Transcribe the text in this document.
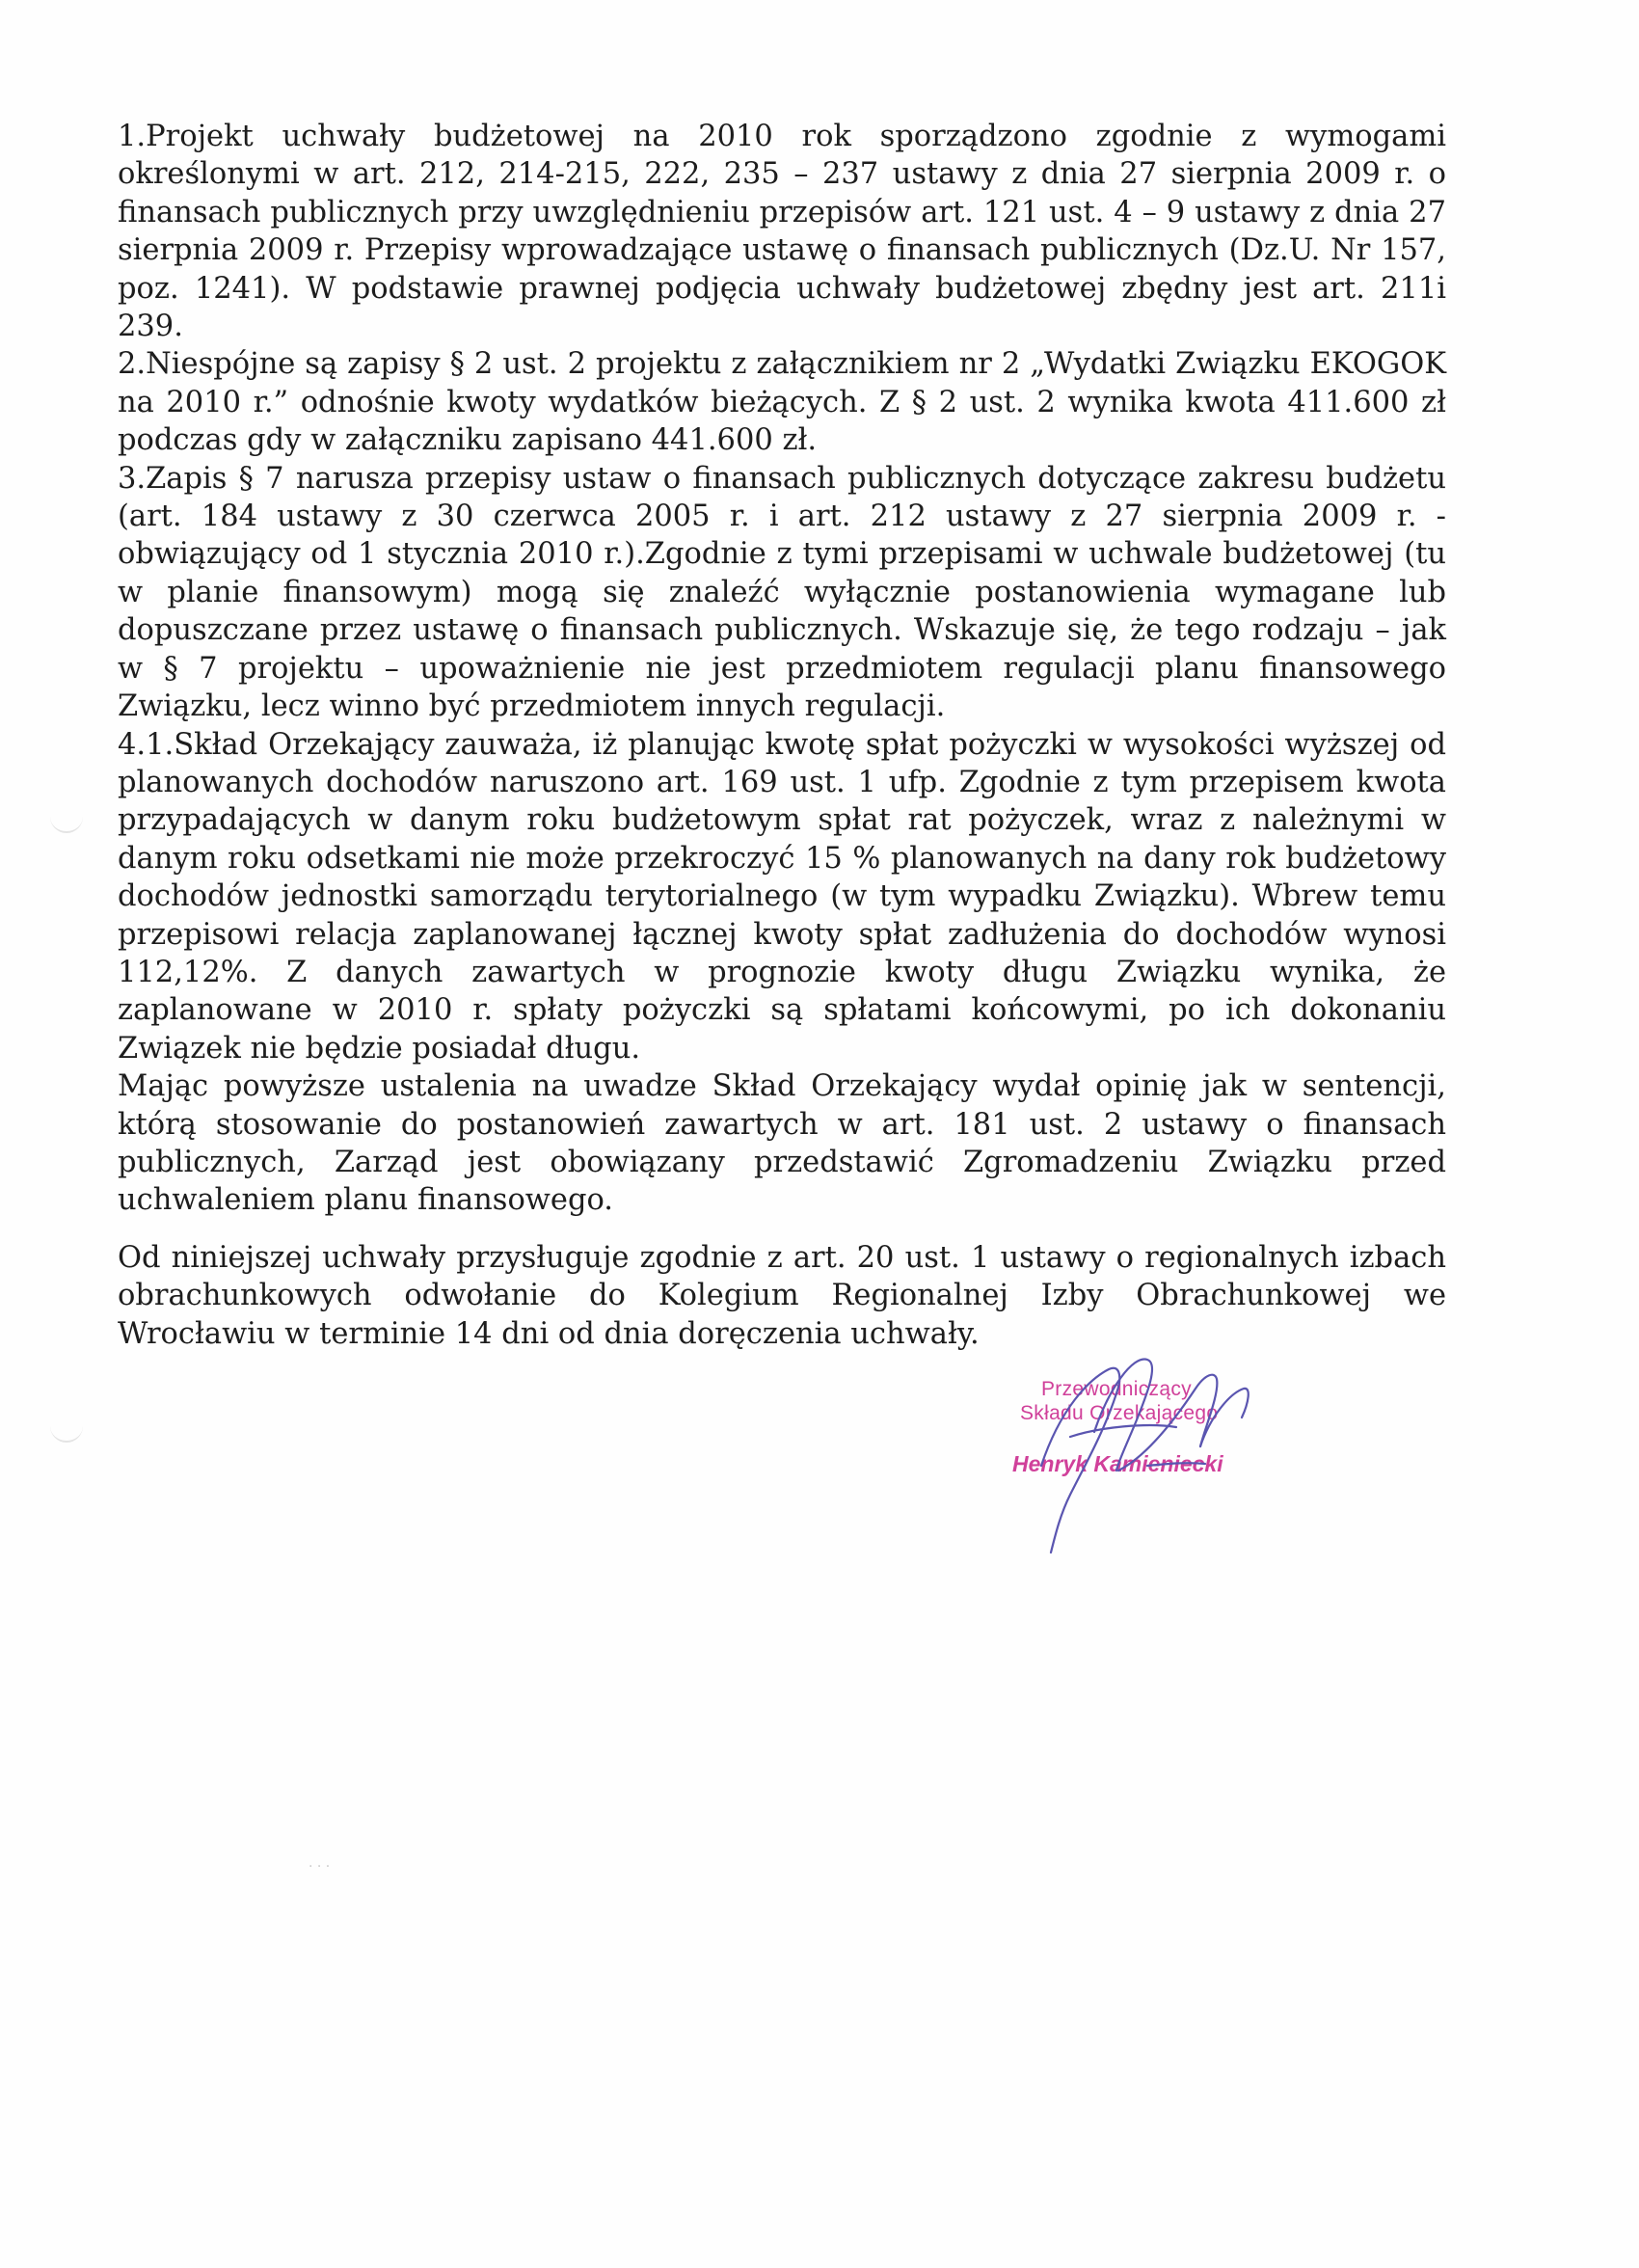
1.Projekt uchwały budżetowej na 2010 rok sporządzono zgodnie z wymogami określonymi w art. 212, 214-215, 222, 235 – 237 ustawy z dnia 27 sierpnia 2009 r. o finansach publicznych przy uwzględnieniu przepisów art. 121 ust. 4 – 9 ustawy z dnia 27 sierpnia 2009 r. Przepisy wprowadzające ustawę o finansach publicznych (Dz.U. Nr 157, poz. 1241). W podstawie prawnej podjęcia uchwały budżetowej zbędny jest art. 211i 239.

2.Niespójne są zapisy § 2 ust. 2 projektu z załącznikiem nr 2 „Wydatki Związku EKOGOK na 2010 r.” odnośnie kwoty wydatków bieżących. Z § 2 ust. 2 wynika kwota 411.600 zł podczas gdy w załączniku zapisano 441.600 zł.

3.Zapis § 7 narusza przepisy ustaw o finansach publicznych dotyczące zakresu budżetu (art. 184 ustawy z 30 czerwca 2005 r. i art. 212 ustawy z 27 sierpnia 2009 r. - obwiązujący od 1 stycznia 2010 r.).Zgodnie z tymi przepisami w uchwale budżetowej (tu w planie finansowym) mogą się znaleźć wyłącznie postanowienia wymagane lub dopuszczane przez ustawę o finansach publicznych. Wskazuje się, że tego rodzaju – jak w § 7 projektu – upoważnienie nie jest przedmiotem regulacji planu finansowego Związku, lecz winno być przedmiotem innych regulacji.

4.1.Skład Orzekający zauważa, iż planując kwotę spłat pożyczki w wysokości wyższej od planowanych dochodów naruszono art. 169 ust. 1 ufp. Zgodnie z tym przepisem kwota przypadających w danym roku budżetowym spłat rat pożyczek, wraz z należnymi w danym roku odsetkami nie może przekroczyć 15 % planowanych na dany rok budżetowy dochodów jednostki samorządu terytorialnego (w tym wypadku Związku). Wbrew temu przepisowi relacja zaplanowanej łącznej kwoty spłat zadłużenia do dochodów wynosi 112,12%. Z danych zawartych w prognozie kwoty długu Związku wynika, że zaplanowane w 2010 r. spłaty pożyczki są spłatami końcowymi, po ich dokonaniu Związek nie będzie posiadał długu.

Mając powyższe ustalenia na uwadze Skład Orzekający wydał opinię jak w sentencji, którą stosowanie do postanowień zawartych w art. 181 ust. 2 ustawy o finansach publicznych, Zarząd jest obowiązany przedstawić Zgromadzeniu Związku przed uchwaleniem planu finansowego.

Od niniejszej uchwały przysługuje zgodnie z art. 20 ust. 1 ustawy o regionalnych izbach obrachunkowych odwołanie do Kolegium Regionalnej Izby Obrachunkowej we Wrocławiu w terminie 14 dni od dnia doręczenia uchwały.

Przewodniczący
Składu Orzekającego
Henryk Kamieniecki
· · ·
